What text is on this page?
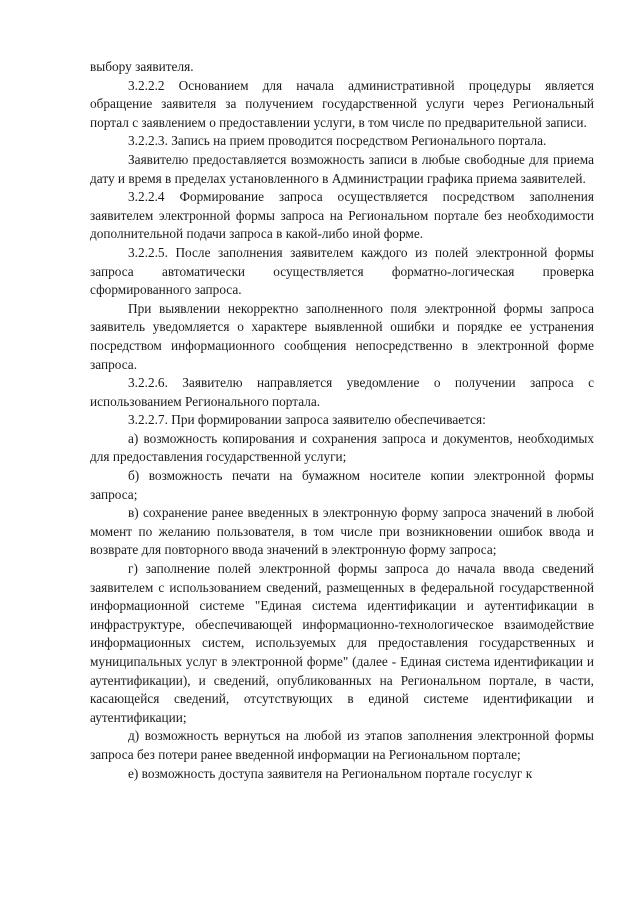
выбору заявителя.

3.2.2.2 Основанием для начала административной процедуры является обращение заявителя за получением государственной услуги через Региональный портал с заявлением о предоставлении услуги, в том числе по предварительной записи.

3.2.2.3. Запись на прием проводится посредством Регионального портала.

Заявителю предоставляется возможность записи в любые свободные для приема дату и время в пределах установленного в Администрации графика приема заявителей.

3.2.2.4 Формирование запроса осуществляется посредством заполнения заявителем электронной формы запроса на Региональном портале без необходимости дополнительной подачи запроса в какой-либо иной форме.

3.2.2.5. После заполнения заявителем каждого из полей электронной формы запроса автоматически осуществляется форматно-логическая проверка сформированного запроса.

При выявлении некорректно заполненного поля электронной формы запроса заявитель уведомляется о характере выявленной ошибки и порядке ее устранения посредством информационного сообщения непосредственно в электронной форме запроса.

3.2.2.6. Заявителю направляется уведомление о получении запроса с использованием Регионального портала.

3.2.2.7. При формировании запроса заявителю обеспечивается:

а) возможность копирования и сохранения запроса и документов, необходимых для предоставления государственной услуги;

б) возможность печати на бумажном носителе копии электронной формы запроса;

в) сохранение ранее введенных в электронную форму запроса значений в любой момент по желанию пользователя, в том числе при возникновении ошибок ввода и возврате для повторного ввода значений в электронную форму запроса;

г) заполнение полей электронной формы запроса до начала ввода сведений заявителем с использованием сведений, размещенных в федеральной государственной информационной системе "Единая система идентификации и аутентификации в инфраструктуре, обеспечивающей информационно-технологическое взаимодействие информационных систем, используемых для предоставления государственных и муниципальных услуг в электронной форме" (далее - Единая система идентификации и аутентификации), и сведений, опубликованных на Региональном портале, в части, касающейся сведений, отсутствующих в единой системе идентификации и аутентификации;

д) возможность вернуться на любой из этапов заполнения электронной формы запроса без потери ранее введенной информации на Региональном портале;

е) возможность доступа заявителя на Региональном портале госуслуг к
